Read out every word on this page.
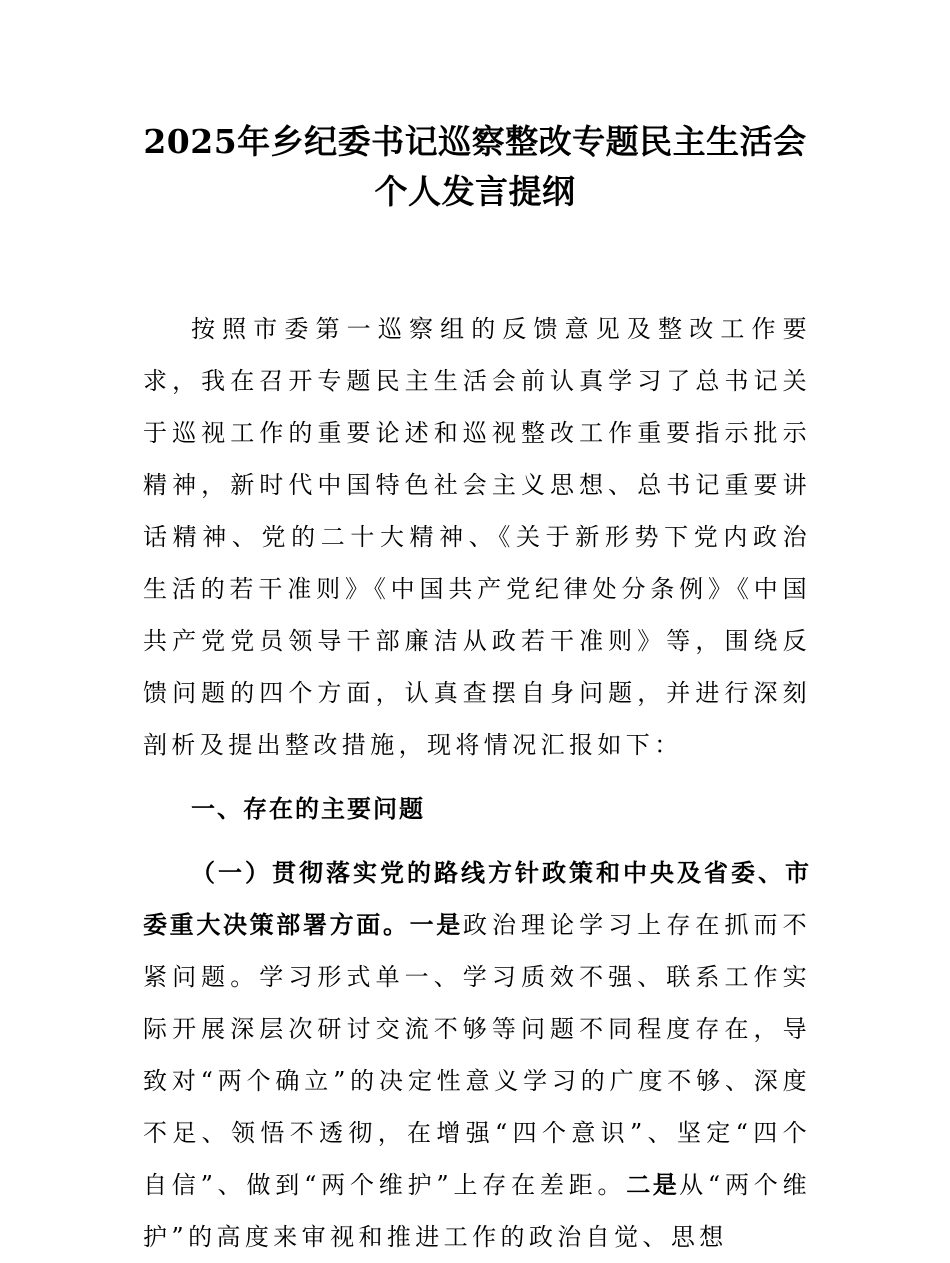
2025年乡纪委书记巡察整改专题民主生活会
个人发言提纲

按照市委第一巡察组的反馈意见及整改工作要求，我在召开专题民主生活会前认真学习了总书记关于巡视工作的重要论述和巡视整改工作重要指示批示精神，新时代中国特色社会主义思想、总书记重要讲话精神、党的二十大精神、《关于新形势下党内政治生活的若干准则》《中国共产党纪律处分条例》《中国共产党党员领导干部廉洁从政若干准则》等，围绕反馈问题的四个方面，认真查摆自身问题，并进行深刻剖析及提出整改措施，现将情况汇报如下：

一、存在的主要问题

（一）贯彻落实党的路线方针政策和中央及省委、市委重大决策部署方面。一是政治理论学习上存在抓而不紧问题。学习形式单一、学习质效不强、联系工作实际开展深层次研讨交流不够等问题不同程度存在，导致对“两个确立”的决定性意义学习的广度不够、深度不足、领悟不透彻，在增强“四个意识”、坚定“四个自信”、做到“两个维护”上存在差距。二是从“两个维护”的高度来审视和推进工作的政治自觉、思想
